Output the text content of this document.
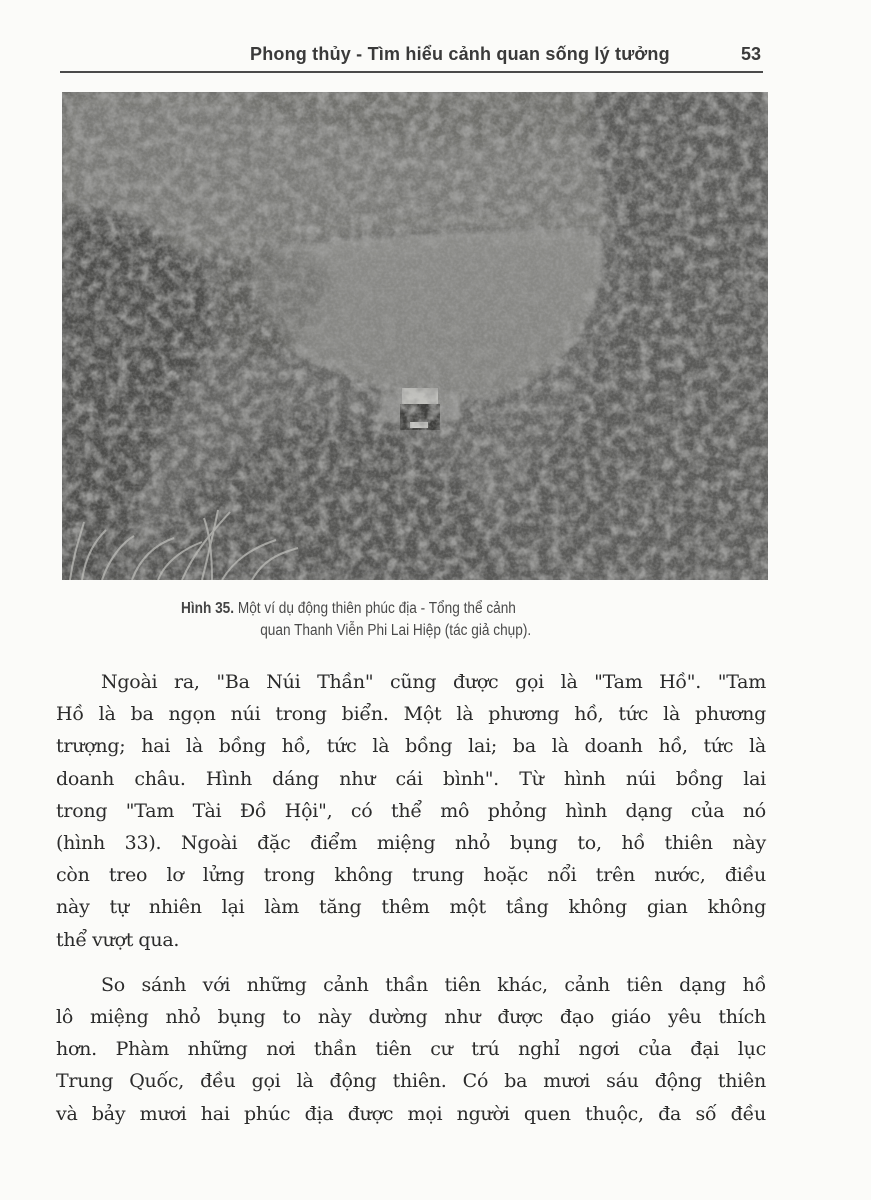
Phong thủy - Tìm hiểu cảnh quan sống lý tưởng	53
Hình 35. Một ví dụ động thiên phúc địa - Tổng thể cảnh
quan Thanh Viễn Phi Lai Hiệp (tác giả chụp).

Ngoài ra, "Ba Núi Thần" cũng được gọi là "Tam Hồ". "Tam
Hồ là ba ngọn núi trong biển. Một là phương hồ, tức là phương
trượng; hai là bồng hồ, tức là bồng lai; ba là doanh hồ, tức là
doanh châu. Hình dáng như cái bình". Từ hình núi bồng lai
trong "Tam Tài Đồ Hội", có thể mô phỏng hình dạng của nó
(hình 33). Ngoài đặc điểm miệng nhỏ bụng to, hồ thiên này
còn treo lơ lửng trong không trung hoặc nổi trên nước, điều
này tự nhiên lại làm tăng thêm một tầng không gian không
thể vượt qua.

So sánh với những cảnh thần tiên khác, cảnh tiên dạng hồ
lô miệng nhỏ bụng to này dường như được đạo giáo yêu thích
hơn. Phàm những nơi thần tiên cư trú nghỉ ngơi của đại lục
Trung Quốc, đều gọi là động thiên. Có ba mươi sáu động thiên
và bảy mươi hai phúc địa được mọi người quen thuộc, đa số đều
